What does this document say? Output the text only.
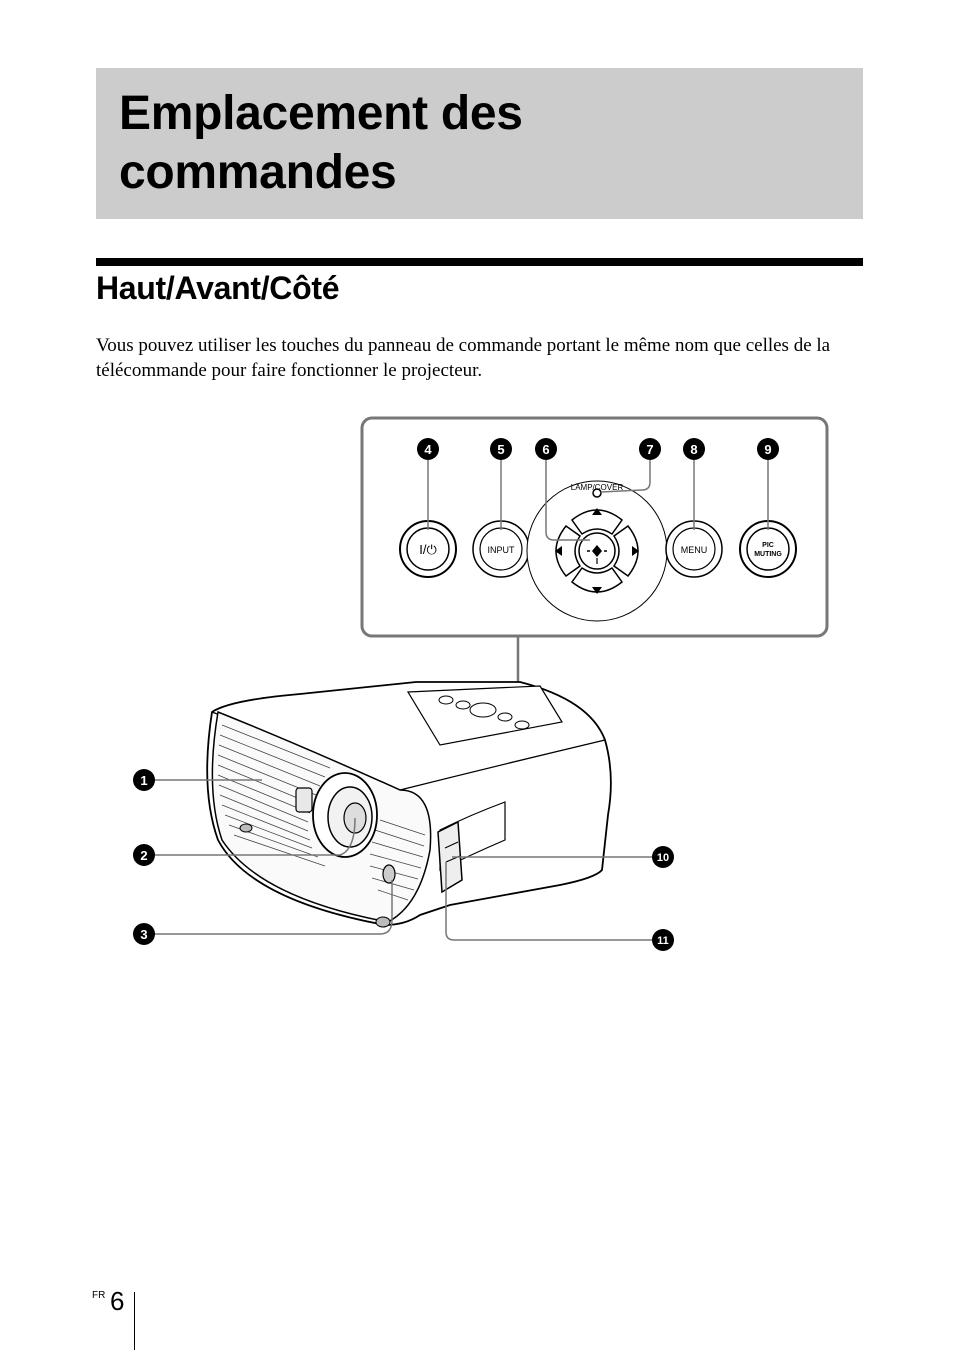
Emplacement des commandes
Haut/Avant/Côté

Vous pouvez utiliser les touches du panneau de commande portant le même nom que celles de la télécommande pour faire fonctionner le projecteur.

I/⏻	INPUT
LAMP/COVER
MENU	PIC
MUTING
1
2
3
4	5	6	7	8	9
10
11
FR 6
